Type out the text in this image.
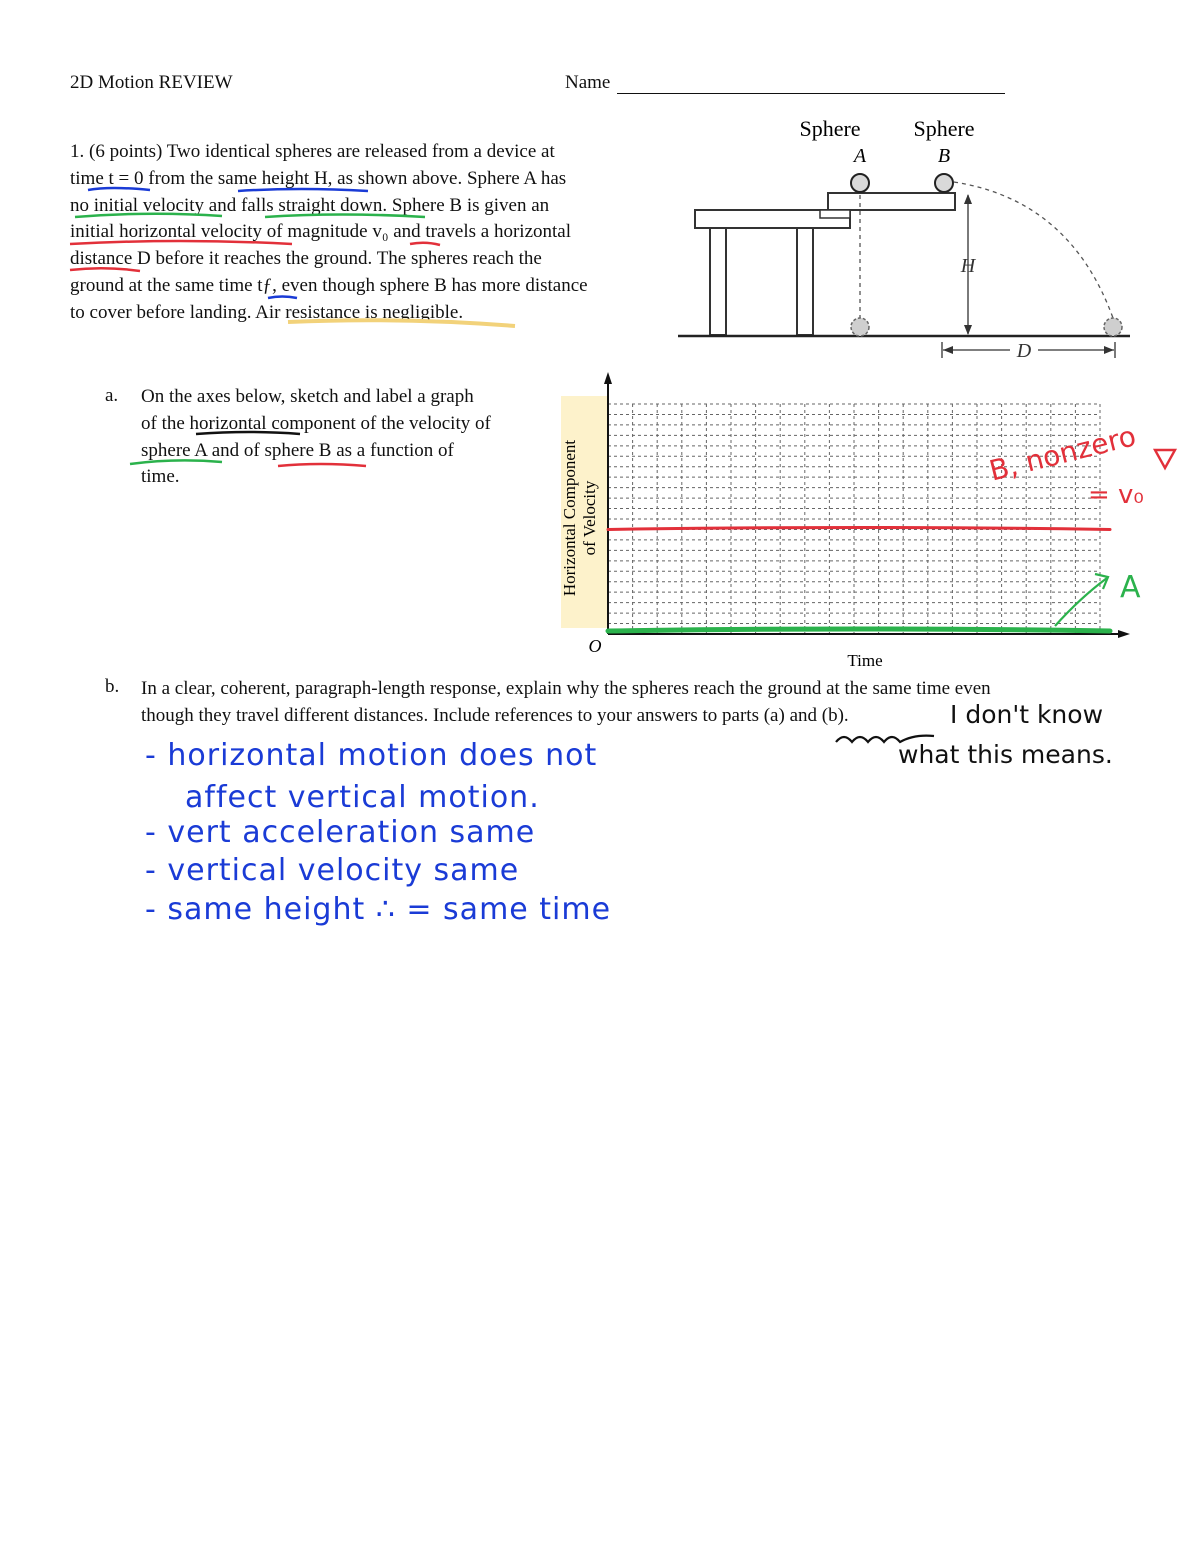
2D Motion REVIEW	Name
1. (6 points) Two identical spheres are released from a device at
time t = 0 from the same height H, as shown above. Sphere A has
no initial velocity and falls straight down. Sphere B is given an
initial horizontal velocity of magnitude v₀ and travels a horizontal
distance D before it reaches the ground. The spheres reach the
ground at the same time tƒ, even though sphere B has more distance
to cover before landing. Air resistance is negligible.
Sphere
A
Sphere
B
H
D
a. On the axes below, sketch and label a graph
of the horizontal component of the velocity of
sphere A and of sphere B as a function of
time.	Horizontal Component of Velocity
O
Time
B, nonzero
= v₀
A
b. In a clear, coherent, paragraph-length response, explain why the spheres reach the ground at the same time even
though they travel different distances. Include references to your answers to parts (a) and (b).	I don't know
what this means.
- horizontal motion does not
affect vertical motion.
- vert acceleration same
- vertical velocity same
- same height ∴ = same time
